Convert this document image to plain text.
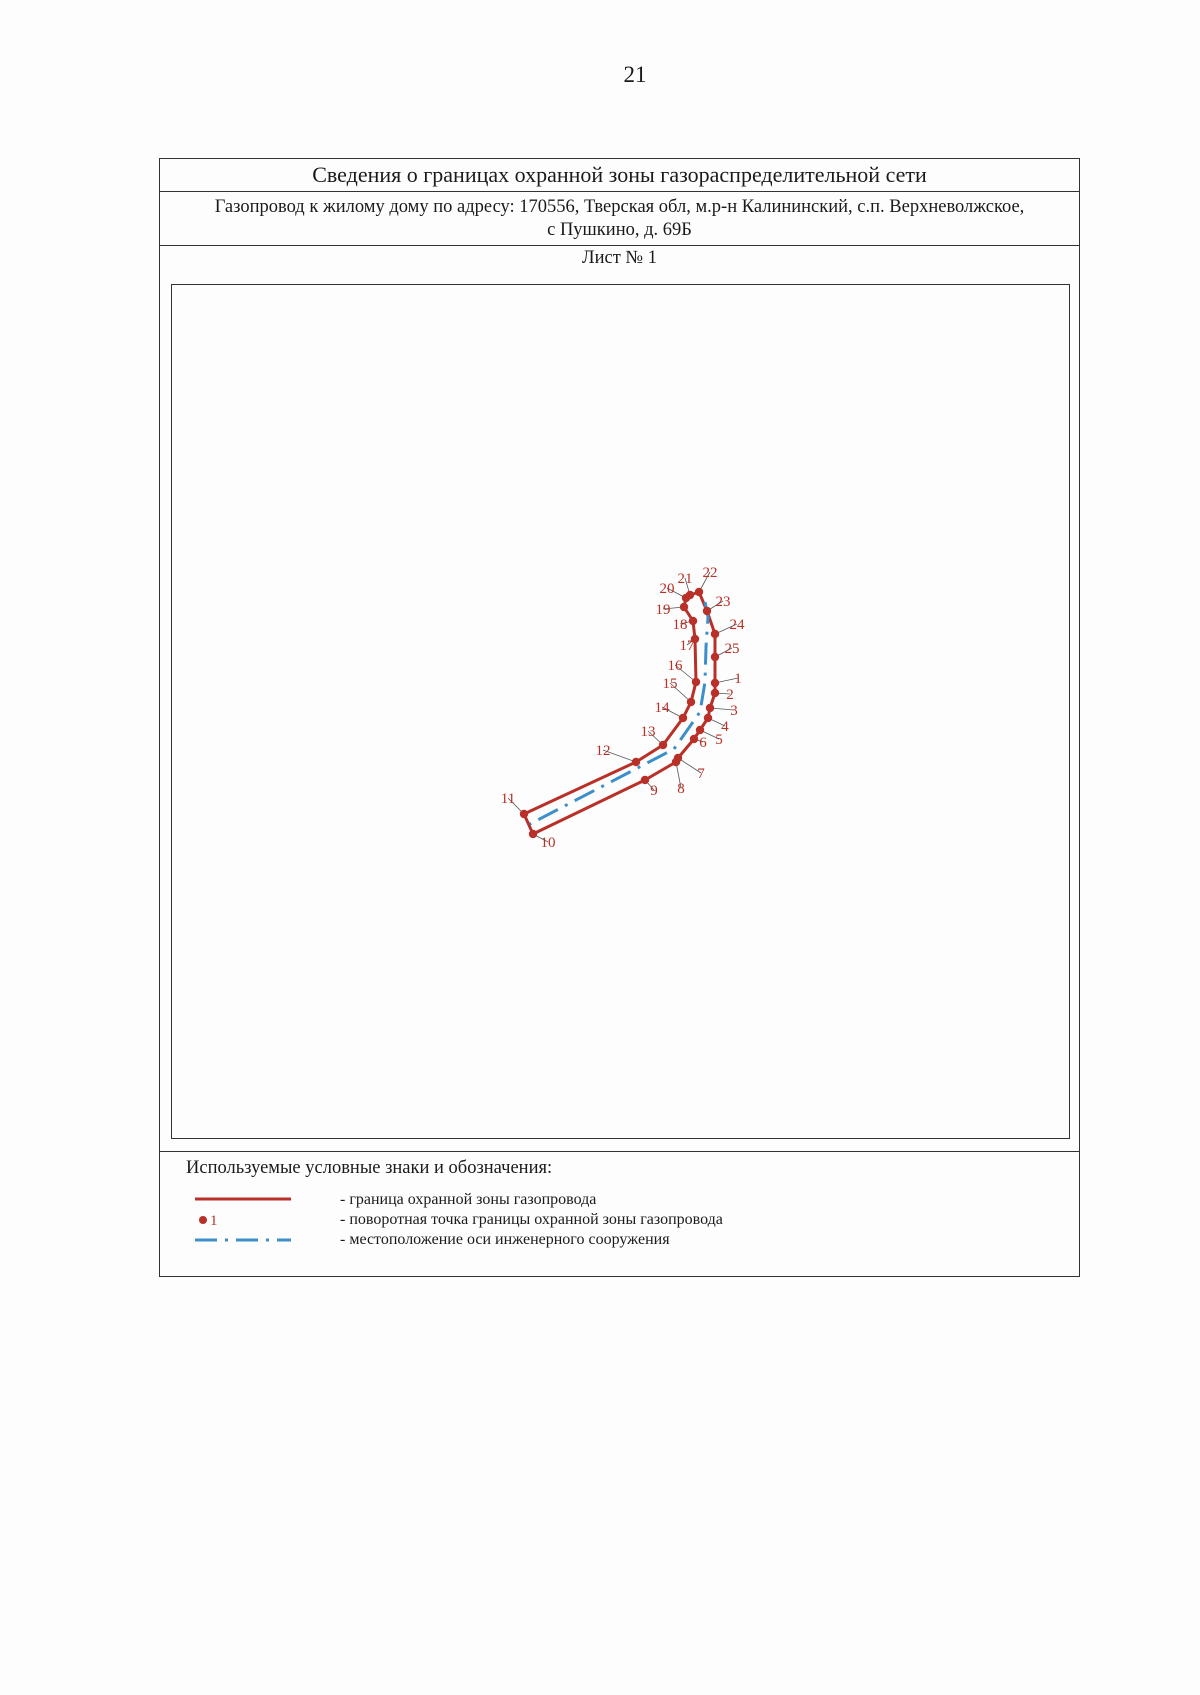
21
Сведения о границах охранной зоны газораспределительной сети
Газопровод к жилому дому по адресу: 170556, Тверская обл, м.р-н Калининский, с.п. Верхневолжское,
с Пушкино, д. 69Б
Лист № 1
1
2
3
4
5
6
7
8
9
10
11
12
13
14
15
16
17
18
19
20
21 22
23
24
25
Используемые условные знаки и обозначения:
- граница охранной зоны газопровода
1	- поворотная точка границы охранной зоны газопровода
- местоположение оси инженерного сооружения
